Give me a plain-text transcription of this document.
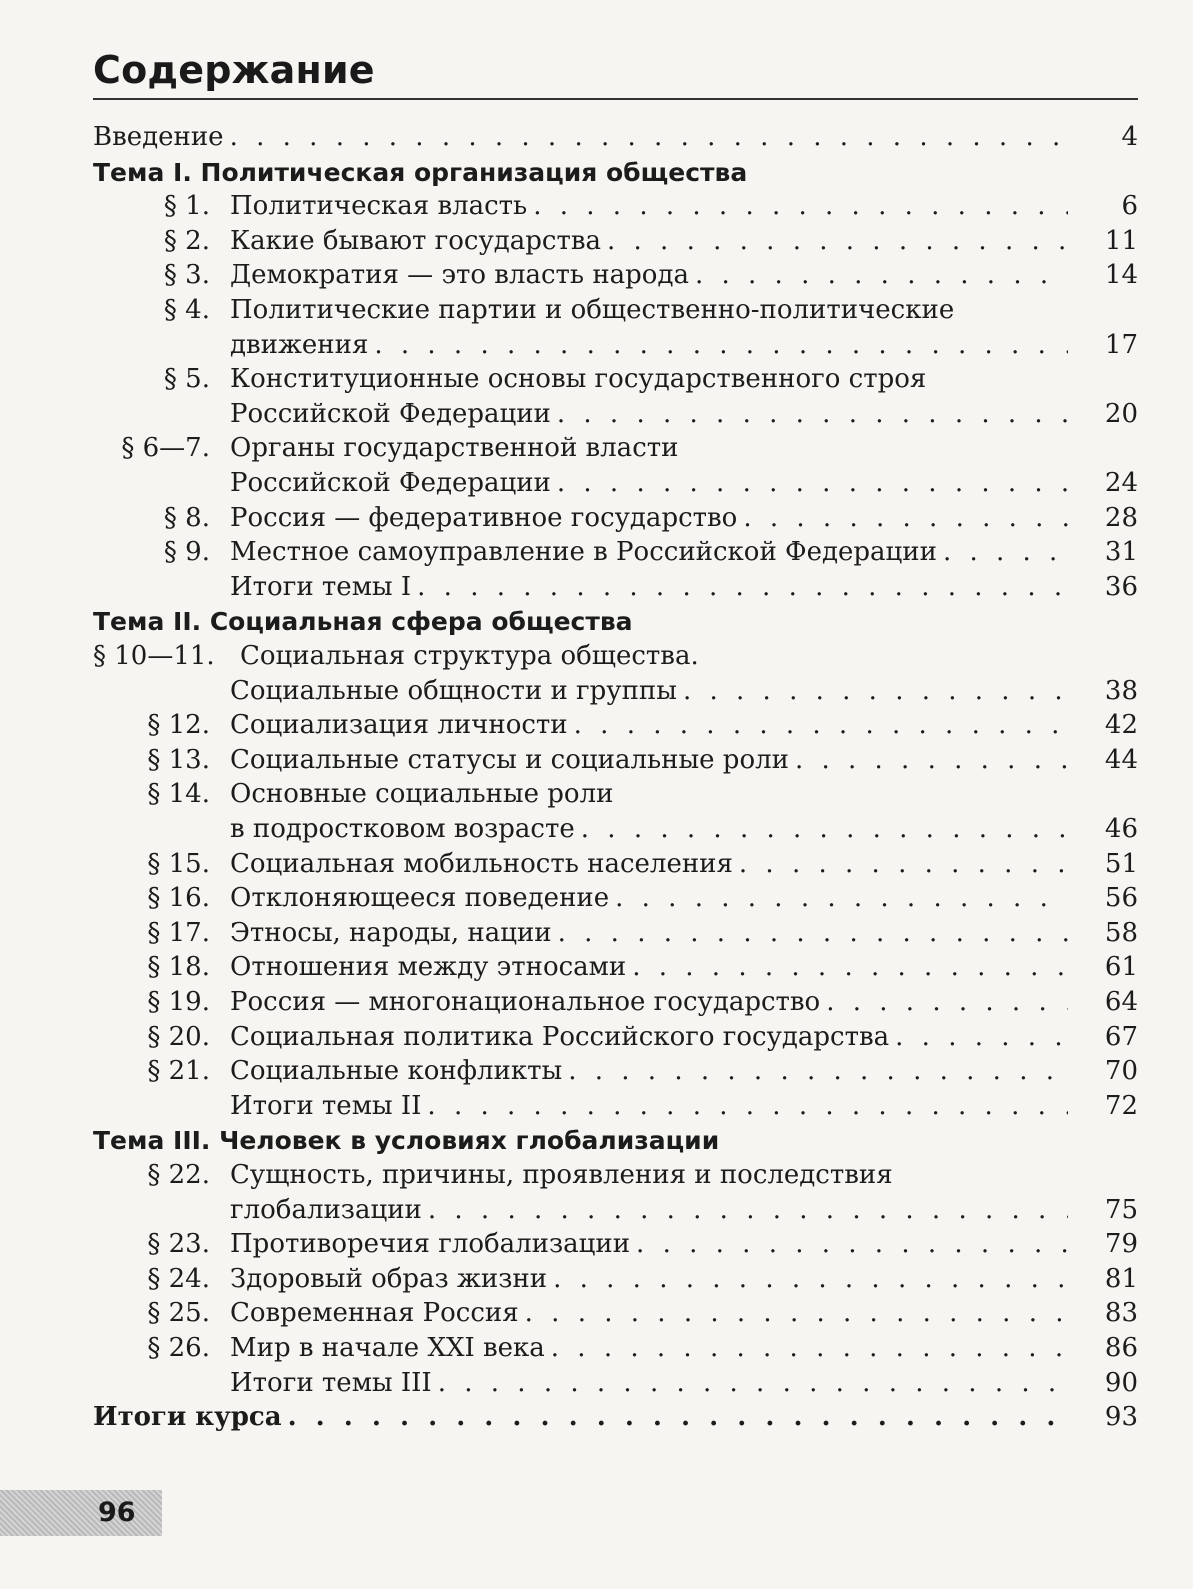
Содержание
Введение . . .	4
Тема I. Политическая организация общества
§ 1. Политическая власть . . .	6
§ 2. Какие бывают государства . . .	11
§ 3. Демократия — это власть народа . . .	14
§ 4. Политические партии и общественно-политические
движения . . .	17
§ 5. Конституционные основы государственного строя
Российской Федерации . . .	20
§ 6—7. Органы государственной власти
Российской Федерации . . .	24
§ 8. Россия — федеративное государство . . .	28
§ 9. Местное самоуправление в Российской Федерации . . .	31
Итоги темы I . . .	36
Тема II. Социальная сфера общества
§ 10—11. Социальная структура общества.
Социальные общности и группы . . .	38
§ 12. Социализация личности . . .	42
§ 13. Социальные статусы и социальные роли . . .	44
§ 14. Основные социальные роли
в подростковом возрасте . . .	46
§ 15. Социальная мобильность населения . . .	51
§ 16. Отклоняющееся поведение . . .	56
§ 17. Этносы, народы, нации . . .	58
§ 18. Отношения между этносами . . .	61
§ 19. Россия — многонациональное государство . . .	64
§ 20. Социальная политика Российского государства . . .	67
§ 21. Социальные конфликты . . .	70
Итоги темы II . . .	72
Тема III. Человек в условиях глобализации
§ 22. Сущность, причины, проявления и последствия
глобализации . . .	75
§ 23. Противоречия глобализации . . .	79
§ 24. Здоровый образ жизни . . .	81
§ 25. Современная Россия . . .	83
§ 26. Мир в начале XXI века . . .	86
Итоги темы III . . .	90
Итоги курса . . .	93
96
